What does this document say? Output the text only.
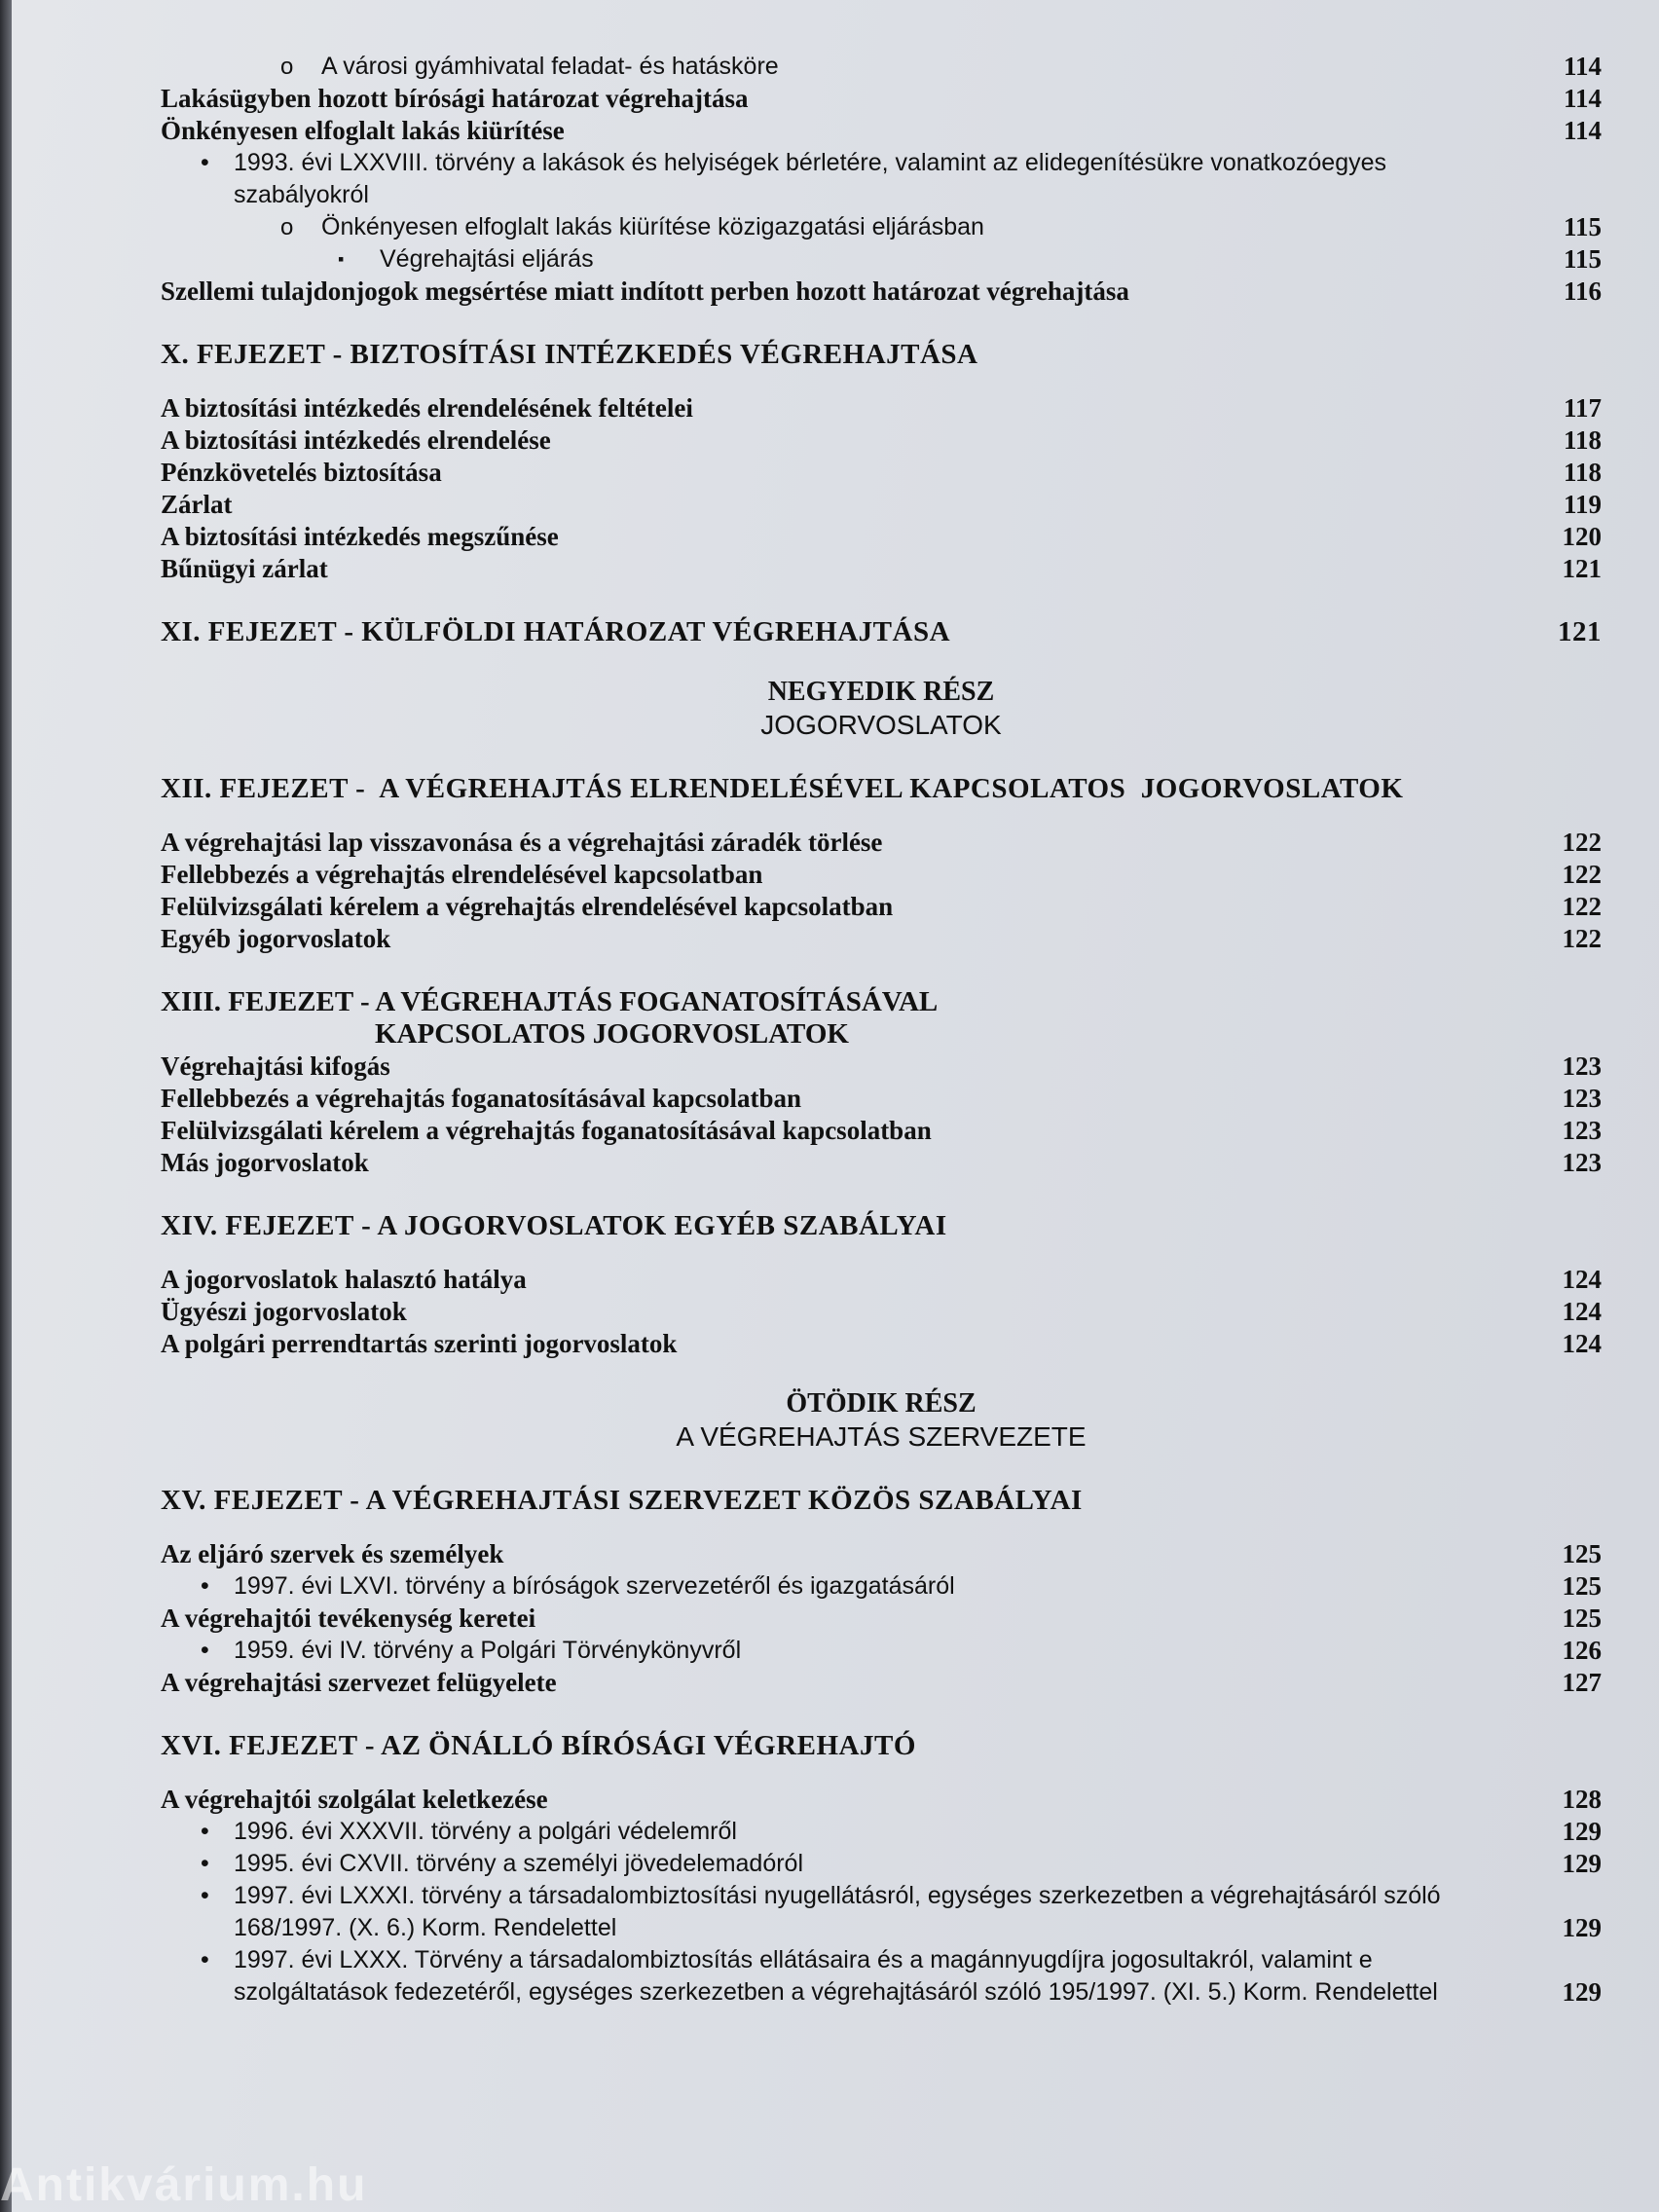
o A városi gyámhivatal feladat- és hatásköre	114
Lakásügyben hozott bírósági határozat végrehajtása	114
Önkényesen elfoglalt lakás kiürítése	114
• 1993. évi LXXVIII. törvény a lakások és helyiségek bérletére, valamint az elidegenítésükre vonatkozóegyes szabályokról
o Önkényesen elfoglalt lakás kiürítése közigazgatási eljárásban	115
▪ Végrehajtási eljárás	115
Szellemi tulajdonjogok megsértése miatt indított perben hozott határozat végrehajtása	116
X. FEJEZET - BIZTOSÍTÁSI INTÉZKEDÉS VÉGREHAJTÁSA
A biztosítási intézkedés elrendelésének feltételei	117
A biztosítási intézkedés elrendelése	118
Pénzkövetelés biztosítása	118
Zárlat	119
A biztosítási intézkedés megszűnése	120
Bűnügyi zárlat	121
XI. FEJEZET - KÜLFÖLDI HATÁROZAT VÉGREHAJTÁSA	121
NEGYEDIK RÉSZ
JOGORVOSLATOK
XII. FEJEZET -  A VÉGREHAJTÁS ELRENDELÉSÉVEL KAPCSOLATOS  JOGORVOSLATOK
A végrehajtási lap visszavonása és a végrehajtási záradék törlése	122
Fellebbezés a végrehajtás elrendelésével kapcsolatban	122
Felülvizsgálati kérelem a végrehajtás elrendelésével kapcsolatban	122
Egyéb jogorvoslatok	122
XIII. FEJEZET - A VÉGREHAJTÁS FOGANATOSÍTÁSÁVAL
KAPCSOLATOS JOGORVOSLATOK
Végrehajtási kifogás	123
Fellebbezés a végrehajtás foganatosításával kapcsolatban	123
Felülvizsgálati kérelem a végrehajtás foganatosításával kapcsolatban	123
Más jogorvoslatok	123
XIV. FEJEZET - A JOGORVOSLATOK EGYÉB SZABÁLYAI
A jogorvoslatok halasztó hatálya	124
Ügyészi jogorvoslatok	124
A polgári perrendtartás szerinti jogorvoslatok	124
ÖTÖDIK RÉSZ
A VÉGREHAJTÁS SZERVEZETE
XV. FEJEZET - A VÉGREHAJTÁSI SZERVEZET KÖZÖS SZABÁLYAI
Az eljáró szervek és személyek	125
• 1997. évi LXVI. törvény a bíróságok szervezetéről és igazgatásáról	125
A végrehajtói tevékenység keretei	125
• 1959. évi IV. törvény a Polgári Törvénykönyvről	126
A végrehajtási szervezet felügyelete	127
XVI. FEJEZET - AZ ÖNÁLLÓ BÍRÓSÁGI VÉGREHAJTÓ
A végrehajtói szolgálat keletkezése	128
• 1996. évi XXXVII. törvény a polgári védelemről	129
• 1995. évi CXVII. törvény a személyi jövedelemadóról	129
• 1997. évi LXXXI. törvény a társadalombiztosítási nyugellátásról, egységes szerkezetben a végrehajtásáról szóló 168/1997. (X. 6.) Korm. Rendelettel	129
• 1997. évi LXXX. Törvény a társadalombiztosítás ellátásaira és a magánnyugdíjra jogosultakról, valamint e szolgáltatások fedezetéről, egységes szerkezetben a végrehajtásáról szóló 195/1997. (XI. 5.) Korm. Rendelettel	129
Antikvárium.hu
